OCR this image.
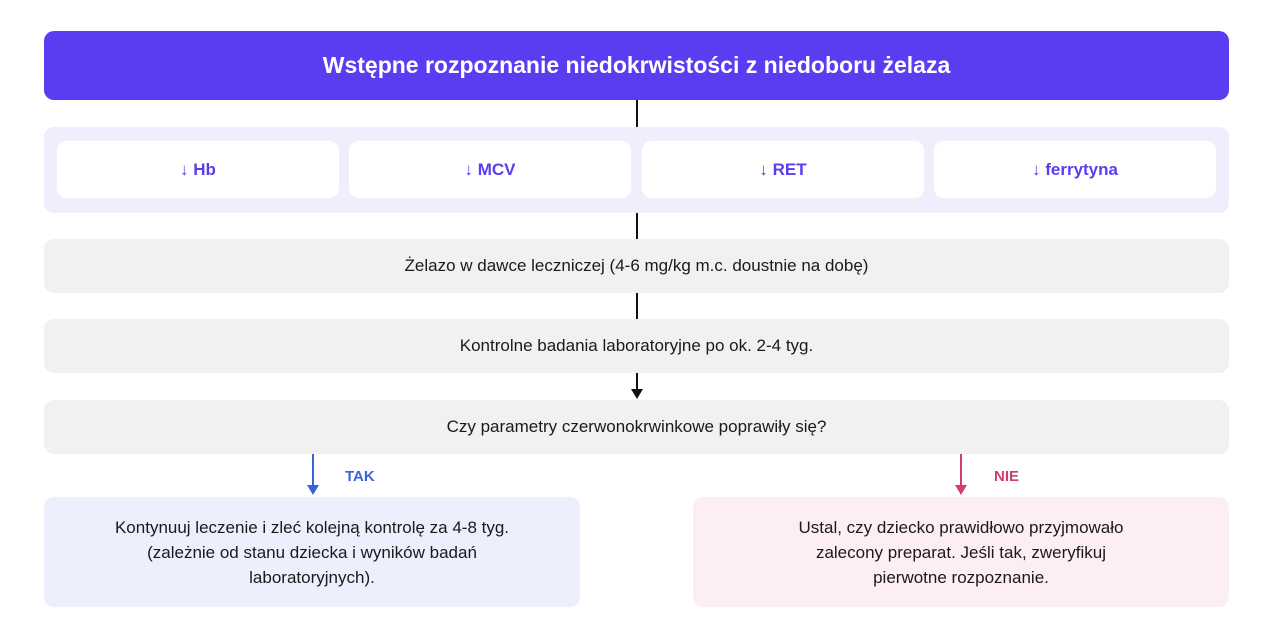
Wstępne rozpoznanie niedokrwistości z niedoboru żelaza
↓ Hb	↓ MCV	↓ RET	↓ ferrytyna
Żelazo w dawce leczniczej (4-6 mg/kg m.c. doustnie na dobę)
Kontrolne badania laboratoryjne po ok. 2-4 tyg.
Czy parametry czerwonokrwinkowe poprawiły się?
TAK	NIE
Kontynuuj leczenie i zleć kolejną kontrolę za 4-8 tyg.
(zależnie od stanu dziecka i wyników badań
laboratoryjnych).
Ustal, czy dziecko prawidłowo przyjmowało
zalecony preparat. Jeśli tak, zweryfikuj
pierwotne rozpoznanie.
